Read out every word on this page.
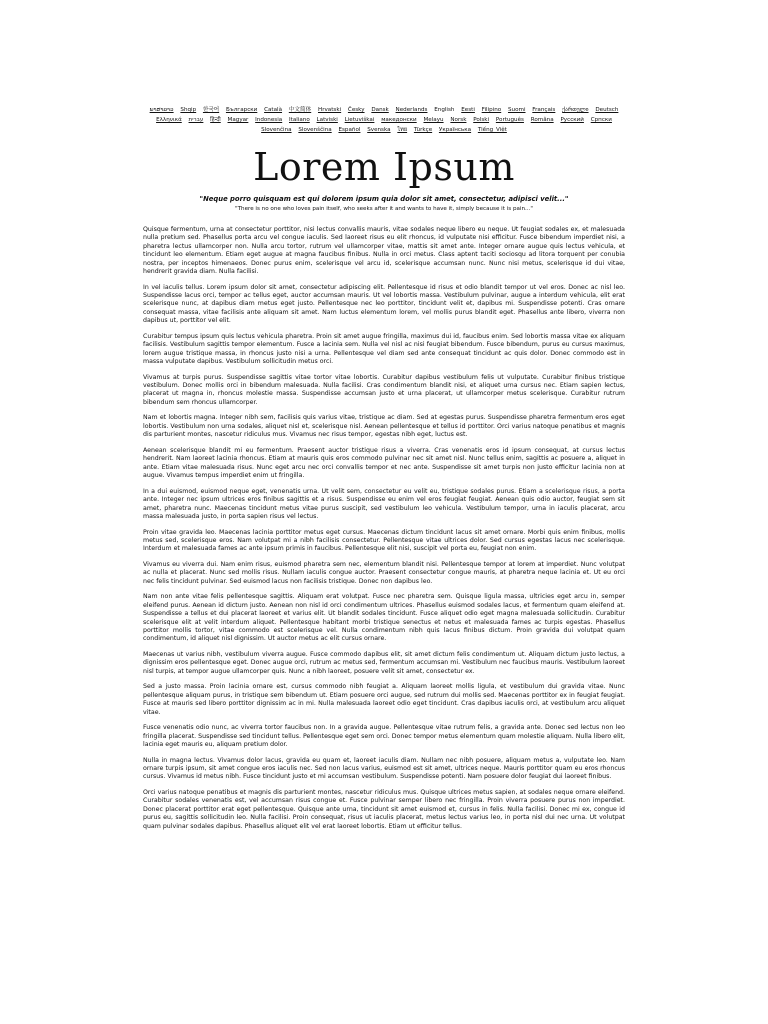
ພາສາລາວ Shqip 한국어 Български Català 中文简体 Hrvatski Česky Dansk Nederlands English Eesti Filipino Suomi Français ქართული Deutsch Ελληνικά עברית हिन्दी Magyar Indonesia Italiano Latviski Lietuviškai македонски Melayu Norsk Polski Português Româna Pyccкий Српски Slovenčina Slovenščina Español Svenska ไทย Türkçe Українська Tiếng Việt
Lorem Ipsum

"Neque porro quisquam est qui dolorem ipsum quia dolor sit amet, consectetur, adipisci velit..."

"There is no one who loves pain itself, who seeks after it and wants to have it, simply because it is pain..."

Quisque fermentum, urna at consectetur porttitor, nisi lectus convallis mauris, vitae sodales neque libero eu neque. Ut feugiat sodales ex, et malesuada nulla pretium sed. Phasellus porta arcu vel congue iaculis. Sed laoreet risus eu elit rhoncus, id vulputate nisi efficitur. Fusce bibendum imperdiet nisi, a pharetra lectus ullamcorper non. Nulla arcu tortor, rutrum vel ullamcorper vitae, mattis sit amet ante. Integer ornare augue quis lectus vehicula, et tincidunt leo elementum. Etiam eget augue at magna faucibus finibus. Nulla in orci metus. Class aptent taciti sociosqu ad litora torquent per conubia nostra, per inceptos himenaeos. Donec purus enim, scelerisque vel arcu id, scelerisque accumsan nunc. Nunc nisi metus, scelerisque id dui vitae, hendrerit gravida diam. Nulla facilisi.

In vel iaculis tellus. Lorem ipsum dolor sit amet, consectetur adipiscing elit. Pellentesque id risus et odio blandit tempor ut vel eros. Donec ac nisl leo. Suspendisse lacus orci, tempor ac tellus eget, auctor accumsan mauris. Ut vel lobortis massa. Vestibulum pulvinar, augue a interdum vehicula, elit erat scelerisque nunc, at dapibus diam metus eget justo. Pellentesque nec leo porttitor, tincidunt velit et, dapibus mi. Suspendisse potenti. Cras ornare consequat massa, vitae facilisis ante aliquam sit amet. Nam luctus elementum lorem, vel mollis purus blandit eget. Phasellus ante libero, viverra non dapibus ut, porttitor vel elit.

Curabitur tempus ipsum quis lectus vehicula pharetra. Proin sit amet augue fringilla, maximus dui id, faucibus enim. Sed lobortis massa vitae ex aliquam facilisis. Vestibulum sagittis tempor elementum. Fusce a lacinia sem. Nulla vel nisl ac nisi feugiat bibendum. Fusce bibendum, purus eu cursus maximus, lorem augue tristique massa, in rhoncus justo nisi a urna. Pellentesque vel diam sed ante consequat tincidunt ac quis dolor. Donec commodo est in massa vulputate dapibus. Vestibulum sollicitudin metus orci.

Vivamus at turpis purus. Suspendisse sagittis vitae tortor vitae lobortis. Curabitur dapibus vestibulum felis ut vulputate. Curabitur finibus tristique vestibulum. Donec mollis orci in bibendum malesuada. Nulla facilisi. Cras condimentum blandit nisi, et aliquet urna cursus nec. Etiam sapien lectus, placerat ut magna in, rhoncus molestie massa. Suspendisse accumsan justo et urna placerat, ut ullamcorper metus scelerisque. Curabitur rutrum bibendum sem rhoncus ullamcorper.

Nam et lobortis magna. Integer nibh sem, facilisis quis varius vitae, tristique ac diam. Sed at egestas purus. Suspendisse pharetra fermentum eros eget lobortis. Vestibulum non urna sodales, aliquet nisl et, scelerisque nisl. Aenean pellentesque et tellus id porttitor. Orci varius natoque penatibus et magnis dis parturient montes, nascetur ridiculus mus. Vivamus nec risus tempor, egestas nibh eget, luctus est.

Aenean scelerisque blandit mi eu fermentum. Praesent auctor tristique risus a viverra. Cras venenatis eros id ipsum consequat, at cursus lectus hendrerit. Nam laoreet lacinia rhoncus. Etiam at mauris quis eros commodo pulvinar nec sit amet nisl. Nunc tellus enim, sagittis ac posuere a, aliquet in ante. Etiam vitae malesuada risus. Nunc eget arcu nec orci convallis tempor et nec ante. Suspendisse sit amet turpis non justo efficitur lacinia non at augue. Vivamus tempus imperdiet enim ut fringilla.

In a dui euismod, euismod neque eget, venenatis urna. Ut velit sem, consectetur eu velit eu, tristique sodales purus. Etiam a scelerisque risus, a porta ante. Integer nec ipsum ultrices eros finibus sagittis et a risus. Suspendisse eu enim vel eros feugiat feugiat. Aenean quis odio auctor, feugiat sem sit amet, pharetra nunc. Maecenas tincidunt metus vitae purus suscipit, sed vestibulum leo vehicula. Vestibulum tempor, urna in iaculis placerat, arcu massa malesuada justo, in porta sapien risus vel lectus.

Proin vitae gravida leo. Maecenas lacinia porttitor metus eget cursus. Maecenas dictum tincidunt lacus sit amet ornare. Morbi quis enim finibus, mollis metus sed, scelerisque eros. Nam volutpat mi a nibh facilisis consectetur. Pellentesque vitae ultrices dolor. Sed cursus egestas lacus nec scelerisque. Interdum et malesuada fames ac ante ipsum primis in faucibus. Pellentesque elit nisi, suscipit vel porta eu, feugiat non enim.

Vivamus eu viverra dui. Nam enim risus, euismod pharetra sem nec, elementum blandit nisi. Pellentesque tempor at lorem at imperdiet. Nunc volutpat ac nulla et placerat. Nunc sed mollis risus. Nullam iaculis congue auctor. Praesent consectetur congue mauris, at pharetra neque lacinia et. Ut eu orci nec felis tincidunt pulvinar. Sed euismod lacus non facilisis tristique. Donec non dapibus leo.

Nam non ante vitae felis pellentesque sagittis. Aliquam erat volutpat. Fusce nec pharetra sem. Quisque ligula massa, ultricies eget arcu in, semper eleifend purus. Aenean id dictum justo. Aenean non nisl id orci condimentum ultrices. Phasellus euismod sodales lacus, et fermentum quam eleifend at. Suspendisse a tellus et dui placerat laoreet et varius elit. Ut blandit sodales tincidunt. Fusce aliquet odio eget magna malesuada sollicitudin. Curabitur scelerisque elit at velit interdum aliquet. Pellentesque habitant morbi tristique senectus et netus et malesuada fames ac turpis egestas. Phasellus porttitor mollis tortor, vitae commodo est scelerisque vel. Nulla condimentum nibh quis lacus finibus dictum. Proin gravida dui volutpat quam condimentum, id aliquet nisl dignissim. Ut auctor metus ac elit cursus ornare.

Maecenas ut varius nibh, vestibulum viverra augue. Fusce commodo dapibus elit, sit amet dictum felis condimentum ut. Aliquam dictum justo lectus, a dignissim eros pellentesque eget. Donec augue orci, rutrum ac metus sed, fermentum accumsan mi. Vestibulum nec faucibus mauris. Vestibulum laoreet nisl turpis, at tempor augue ullamcorper quis. Nunc a nibh laoreet, posuere velit sit amet, consectetur ex.

Sed a justo massa. Proin lacinia ornare est, cursus commodo nibh feugiat a. Aliquam laoreet mollis ligula, et vestibulum dui gravida vitae. Nunc pellentesque aliquam purus, in tristique sem bibendum ut. Etiam posuere orci augue, sed rutrum dui mollis sed. Maecenas porttitor ex in feugiat feugiat. Fusce at mauris sed libero porttitor dignissim ac in mi. Nulla malesuada laoreet odio eget tincidunt. Cras dapibus iaculis orci, at vestibulum arcu aliquet vitae.

Fusce venenatis odio nunc, ac viverra tortor faucibus non. In a gravida augue. Pellentesque vitae rutrum felis, a gravida ante. Donec sed lectus non leo fringilla placerat. Suspendisse sed tincidunt tellus. Pellentesque eget sem orci. Donec tempor metus elementum quam molestie aliquam. Nulla libero elit, lacinia eget mauris eu, aliquam pretium dolor.

Nulla in magna lectus. Vivamus dolor lacus, gravida eu quam et, laoreet iaculis diam. Nullam nec nibh posuere, aliquam metus a, vulputate leo. Nam ornare turpis ipsum, sit amet congue eros iaculis nec. Sed non lacus varius, euismod est sit amet, ultrices neque. Mauris porttitor quam eu eros rhoncus cursus. Vivamus id metus nibh. Fusce tincidunt justo et mi accumsan vestibulum. Suspendisse potenti. Nam posuere dolor feugiat dui laoreet finibus.

Orci varius natoque penatibus et magnis dis parturient montes, nascetur ridiculus mus. Quisque ultrices metus sapien, at sodales neque ornare eleifend. Curabitur sodales venenatis est, vel accumsan risus congue et. Fusce pulvinar semper libero nec fringilla. Proin viverra posuere purus non imperdiet. Donec placerat porttitor erat eget pellentesque. Quisque ante urna, tincidunt sit amet euismod et, cursus in felis. Nulla facilisi. Donec mi ex, congue id purus eu, sagittis sollicitudin leo. Nulla facilisi. Proin consequat, risus ut iaculis placerat, metus lectus varius leo, in porta nisl dui nec urna. Ut volutpat quam pulvinar sodales dapibus. Phasellus aliquet elit vel erat laoreet lobortis. Etiam ut efficitur tellus.
